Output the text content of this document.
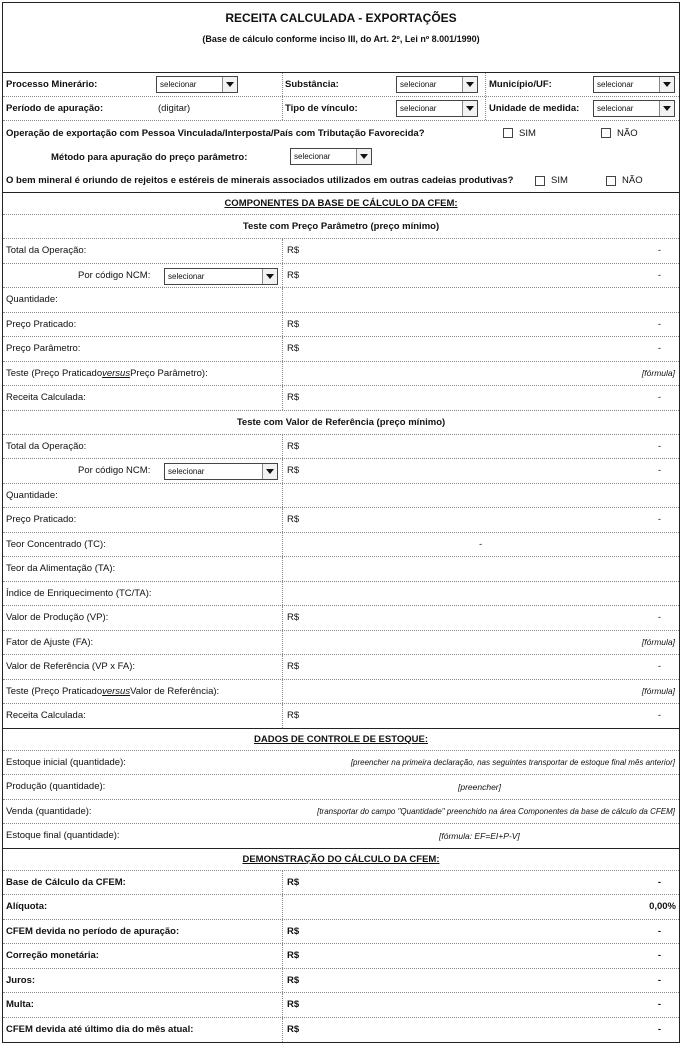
RECEITA CALCULADA - EXPORTAÇÕES
(Base de cálculo conforme inciso III, do Art. 2º, Lei nº 8.001/1990)
Processo Minerário:	selecionar	Substância:	selecionar	Município/UF:	selecionar
Período de apuração:	(digitar)	Tipo de vínculo:	selecionar	Unidade de medida: selecionar
Operação de exportação com Pessoa Vinculada/Interposta/País com Tributação Favorecida?	SIM	NÃO
Método para apuração do preço parâmetro:	selecionar
O bem mineral é oriundo de rejeitos e estéreis de minerais associados utilizados em outras cadeias produtivas?	SIM	NÃO
COMPONENTES DA BASE DE CÁLCULO DA CFEM:
Teste com Preço Parâmetro (preço mínimo)
Total da Operação:	R$	-
Por código NCM: selecionar	R$	-
Quantidade:
Preço Praticado:	R$	-
Preço Parâmetro:	R$	-
Teste (Preço Praticado versus Preço Parâmetro):	[fórmula]
Receita Calculada:	R$	-
Teste com Valor de Referência (preço mínimo)
Total da Operação:	R$	-
Por código NCM: selecionar	R$	-
Quantidade:
Preço Praticado:	R$	-
Teor Concentrado (TC):	-
Teor da Alimentação (TA):
Índice de Enriquecimento (TC/TA):
Valor de Produção (VP):	R$	-
Fator de Ajuste (FA):	[fórmula]
Valor de Referência (VP x FA):	R$	-
Teste (Preço Praticado versus Valor de Referência):	[fórmula]
Receita Calculada:	R$	-
DADOS DE CONTROLE DE ESTOQUE:
Estoque inicial (quantidade):	[preencher na primeira declaração, nas seguintes transportar de estoque final mês anterior]
Produção (quantidade):	[preencher]
Venda (quantidade):	[transportar do campo "Quantidade" preenchido na área Componentes da base de cálculo da CFEM]
Estoque final (quantidade):	[fórmula: EF=EI+P-V]
DEMONSTRAÇÃO DO CÁLCULO DA CFEM:
Base de Cálculo da CFEM:	R$	-
Alíquota:	0,00%
CFEM devida no período de apuração:	R$	-
Correção monetária:	R$	-
Juros:	R$	-
Multa:	R$	-
CFEM devida até último dia do mês atual:	R$	-
